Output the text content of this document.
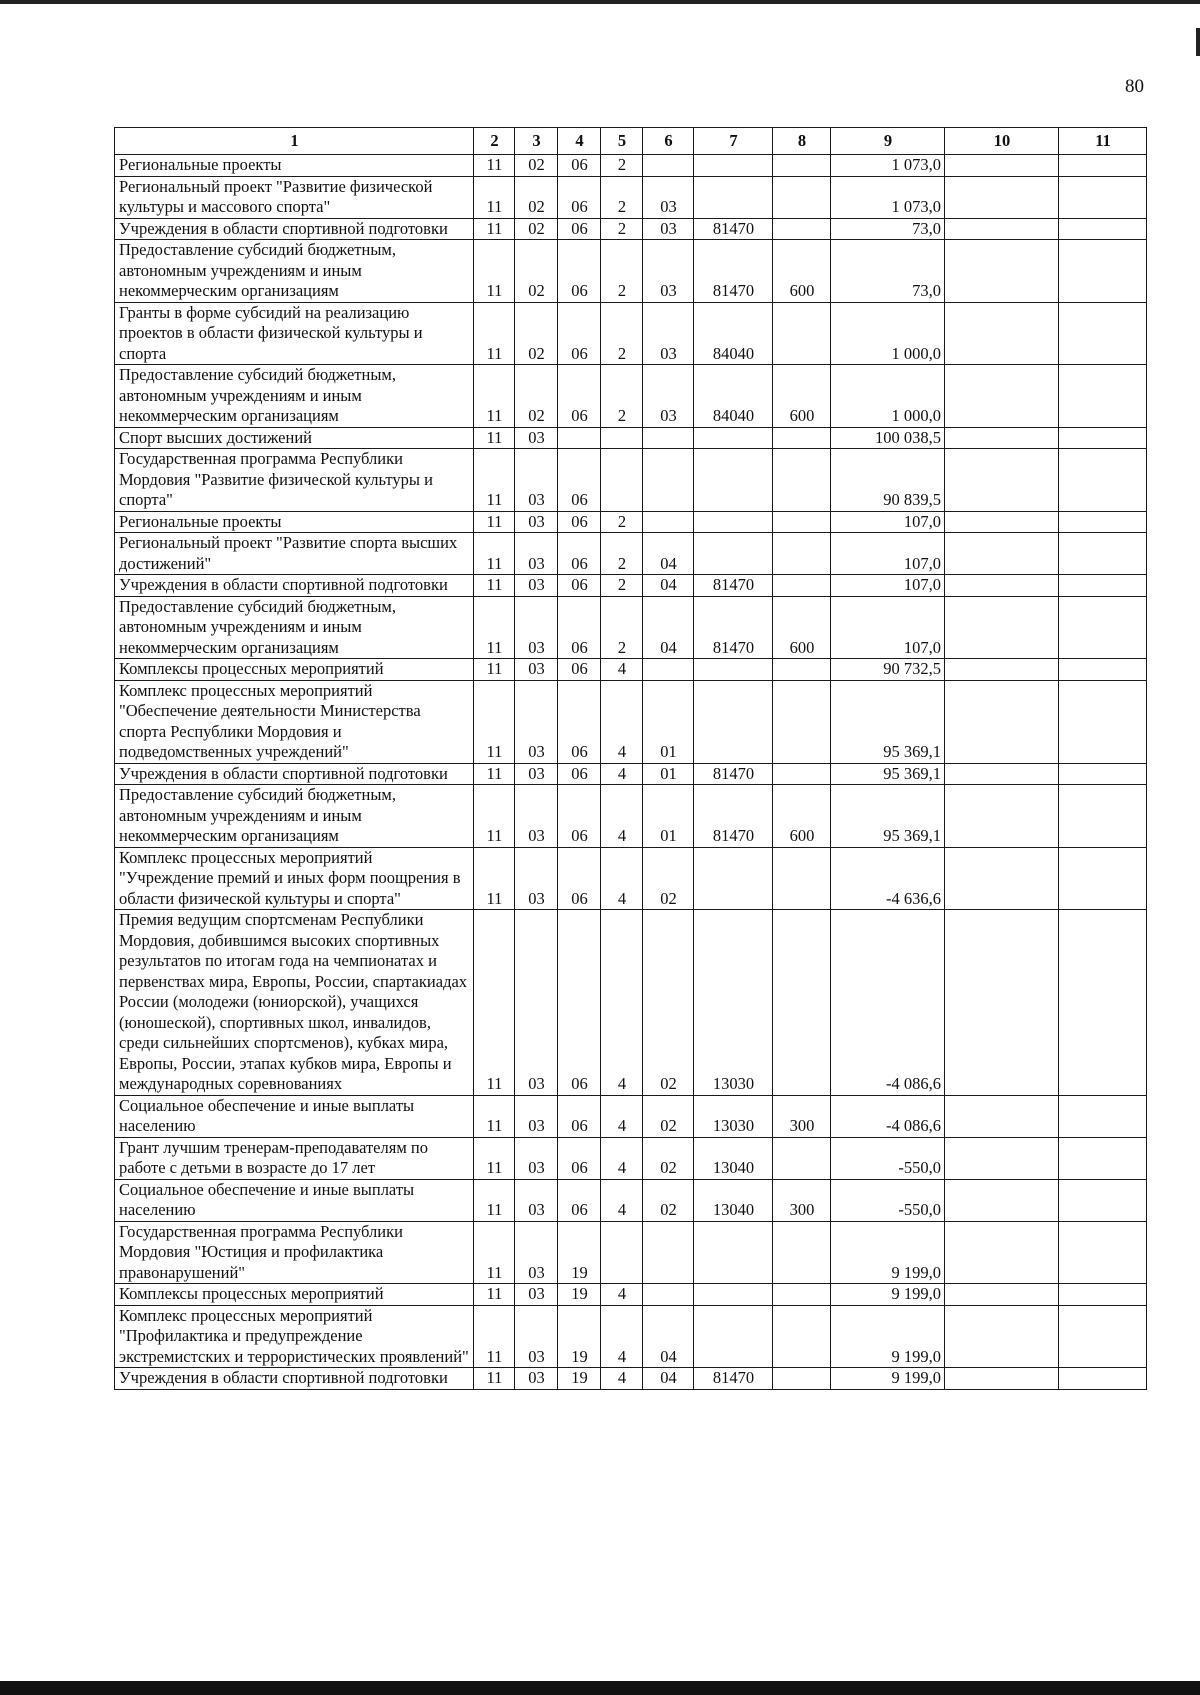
80
1	2	3	4	5	6	7	8	9	10	11
Региональные проекты	11	02	06	2				1 073,0		
Региональный проект "Развитие физической культуры и массового спорта"	11	02	06	2	03			1 073,0		
Учреждения в области спортивной подготовки	11	02	06	2	03	81470		73,0		
Предоставление субсидий бюджетным, автономным учреждениям и иным некоммерческим организациям	11	02	06	2	03	81470	600	73,0		
Гранты в форме субсидий на реализацию проектов в области физической культуры и спорта	11	02	06	2	03	84040		1 000,0		
Предоставление субсидий бюджетным, автономным учреждениям и иным некоммерческим организациям	11	02	06	2	03	84040	600	1 000,0		
Спорт высших достижений	11	03						100 038,5		
Государственная программа Республики Мордовия "Развитие физической культуры и спорта"	11	03	06					90 839,5		
Региональные проекты	11	03	06	2				107,0		
Региональный проект "Развитие спорта высших достижений"	11	03	06	2	04			107,0		
Учреждения в области спортивной подготовки	11	03	06	2	04	81470		107,0		
Предоставление субсидий бюджетным, автономным учреждениям и иным некоммерческим организациям	11	03	06	2	04	81470	600	107,0		
Комплексы процессных мероприятий	11	03	06	4				90 732,5		
Комплекс процессных мероприятий "Обеспечение деятельности Министерства спорта Республики Мордовия и подведомственных учреждений"	11	03	06	4	01			95 369,1		
Учреждения в области спортивной подготовки	11	03	06	4	01	81470		95 369,1		
Предоставление субсидий бюджетным, автономным учреждениям и иным некоммерческим организациям	11	03	06	4	01	81470	600	95 369,1		
Комплекс процессных мероприятий "Учреждение премий и иных форм поощрения в области физической культуры и спорта"	11	03	06	4	02			-4 636,6		
Премия ведущим спортсменам Республики Мордовия, добившимся высоких спортивных результатов по итогам года на чемпионатах и первенствах мира, Европы, России, спартакиадах России (молодежи (юниорской), учащихся (юношеской), спортивных школ, инвалидов, среди сильнейших спортсменов), кубках мира, Европы, России, этапах кубков мира, Европы и международных соревнованиях	11	03	06	4	02	13030		-4 086,6		
Социальное обеспечение и иные выплаты населению	11	03	06	4	02	13030	300	-4 086,6		
Грант лучшим тренерам-преподавателям по работе с детьми в возрасте до 17 лет	11	03	06	4	02	13040		-550,0		
Социальное обеспечение и иные выплаты населению	11	03	06	4	02	13040	300	-550,0		
Государственная программа Республики Мордовия "Юстиция и профилактика правонарушений"	11	03	19					9 199,0		
Комплексы процессных мероприятий	11	03	19	4				9 199,0		
Комплекс процессных мероприятий "Профилактика и предупреждение экстремистских и террористических проявлений"	11	03	19	4	04			9 199,0		
Учреждения в области спортивной подготовки	11	03	19	4	04	81470		9 199,0		
